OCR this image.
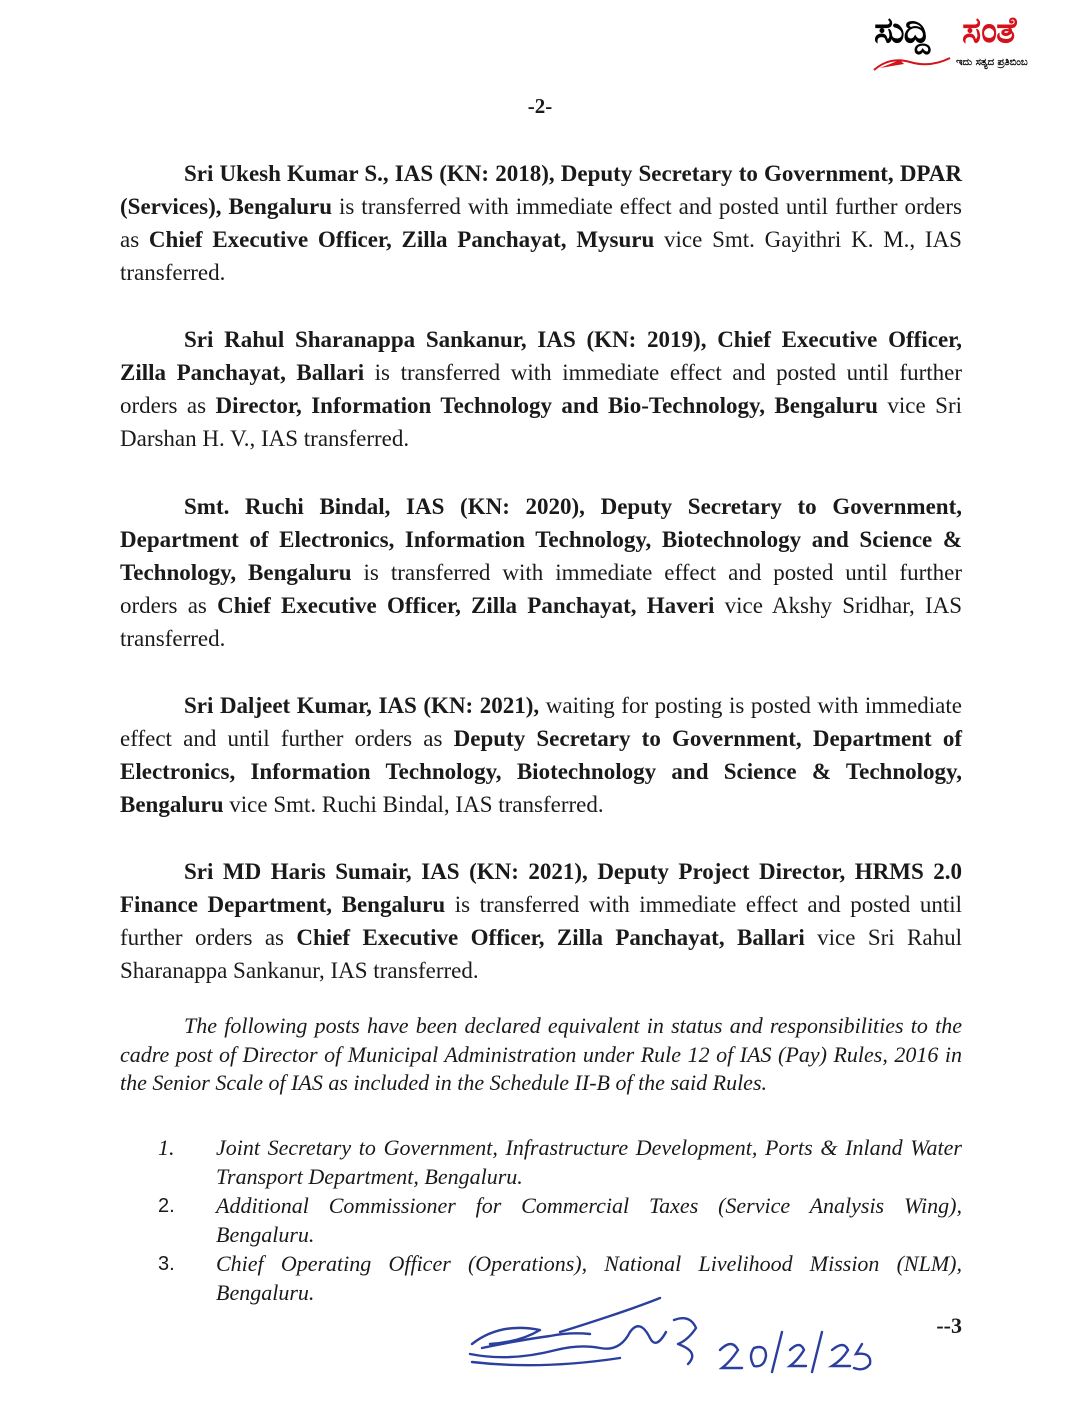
ಸುದ್ದಿ ಸಂತೆ
ಇದು ಸತ್ಯದ ಪ್ರತಿಬಿಂಬ
-2-
Sri Ukesh Kumar S., IAS (KN: 2018), Deputy Secretary to Government, DPAR (Services), Bengaluru is transferred with immediate effect and posted until further orders as Chief Executive Officer, Zilla Panchayat, Mysuru vice Smt. Gayithri K. M., IAS transferred.
Sri Rahul Sharanappa Sankanur, IAS (KN: 2019), Chief Executive Officer, Zilla Panchayat, Ballari is transferred with immediate effect and posted until further orders as Director, Information Technology and Bio-Technology, Bengaluru vice Sri Darshan H. V., IAS transferred.
Smt. Ruchi Bindal, IAS (KN: 2020), Deputy Secretary to Government, Department of Electronics, Information Technology, Biotechnology and Science & Technology, Bengaluru is transferred with immediate effect and posted until further orders as Chief Executive Officer, Zilla Panchayat, Haveri vice Akshy Sridhar, IAS transferred.
Sri Daljeet Kumar, IAS (KN: 2021), waiting for posting is posted with immediate effect and until further orders as Deputy Secretary to Government, Department of Electronics, Information Technology, Biotechnology and Science & Technology, Bengaluru vice Smt. Ruchi Bindal, IAS transferred.
Sri MD Haris Sumair, IAS (KN: 2021), Deputy Project Director, HRMS 2.0 Finance Department, Bengaluru is transferred with immediate effect and posted until further orders as Chief Executive Officer, Zilla Panchayat, Ballari vice Sri Rahul Sharanappa Sankanur, IAS transferred.
The following posts have been declared equivalent in status and responsibilities to the cadre post of Director of Municipal Administration under Rule 12 of IAS (Pay) Rules, 2016 in the Senior Scale of IAS as included in the Schedule II-B of the said Rules.
1. Joint Secretary to Government, Infrastructure Development, Ports & Inland Water Transport Department, Bengaluru.
2. Additional Commissioner for Commercial Taxes (Service Analysis Wing), Bengaluru.
3. Chief Operating Officer (Operations), National Livelihood Mission (NLM), Bengaluru.
--3
